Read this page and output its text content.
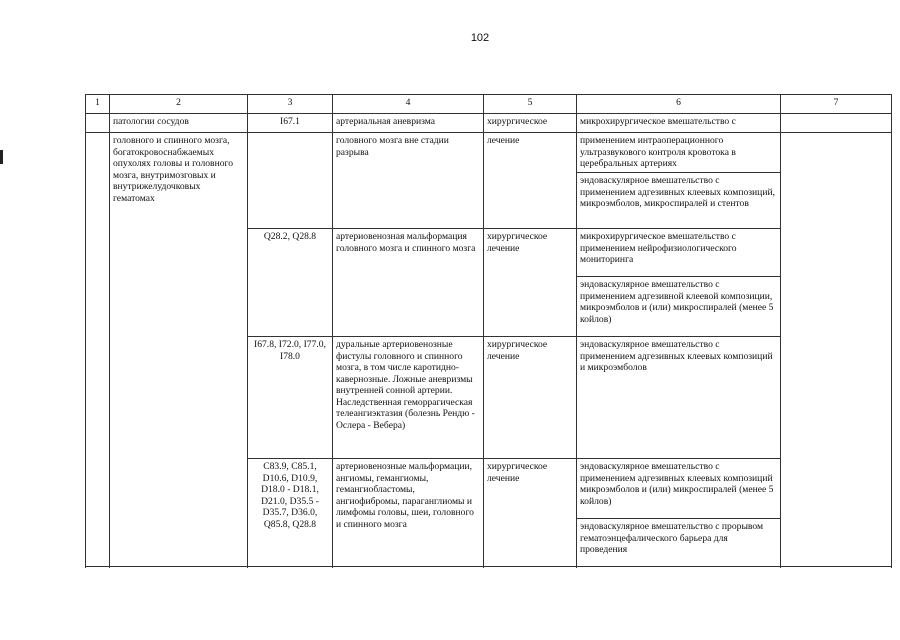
102
1	2	3	4	5	6	7
	патологии сосудов	I67.1	артериальная аневризма	хирургическое	микрохирургическое вмешательство с	
	головного и спинного мозга, богатокровоснабжаемых опухолях головы и головного мозга, внутримозговых и внутрижелудочковых гематомах		головного мозга вне стадии разрыва	лечение	применением интраоперационного ультразвукового контроля кровотока в церебральных артериях	
					эндоваскулярное вмешательство с применением адгезивных клеевых композиций, микроэмболов, микроспиралей и стентов	
		Q28.2, Q28.8	артериовенозная мальформация головного мозга и спинного мозга	хирургическое лечение	микрохирургическое вмешательство с применением нейрофизиологического мониторинга	
					эндоваскулярное вмешательство с применением адгезивной клеевой композиции, микроэмболов и (или) микроспиралей (менее 5 койлов)	
		I67.8, I72.0, I77.0, I78.0	дуральные артериовенозные фистулы головного и спинного мозга, в том числе каротидно-кавернозные. Ложные аневризмы внутренней сонной артерии. Наследственная геморрагическая телеангиэктазия (болезнь Рендю - Ослера - Вебера)	хирургическое лечение	эндоваскулярное вмешательство с применением адгезивных клеевых композиций и микроэмболов	
		C83.9, C85.1, D10.6, D10.9, D18.0 - D18.1, D21.0, D35.5 - D35.7, D36.0, Q85.8, Q28.8	артериовенозные мальформации, ангиомы, гемангиомы, гемангиобластомы, ангиофибромы, параганглиомы и лимфомы головы, шеи, головного и спинного мозга	хирургическое лечение	эндоваскулярное вмешательство с применением адгезивных клеевых композиций микроэмболов и (или) микроспиралей (менее 5 койлов)	
					эндоваскулярное вмешательство с прорывом гематоэнцефалического барьера для проведения	
